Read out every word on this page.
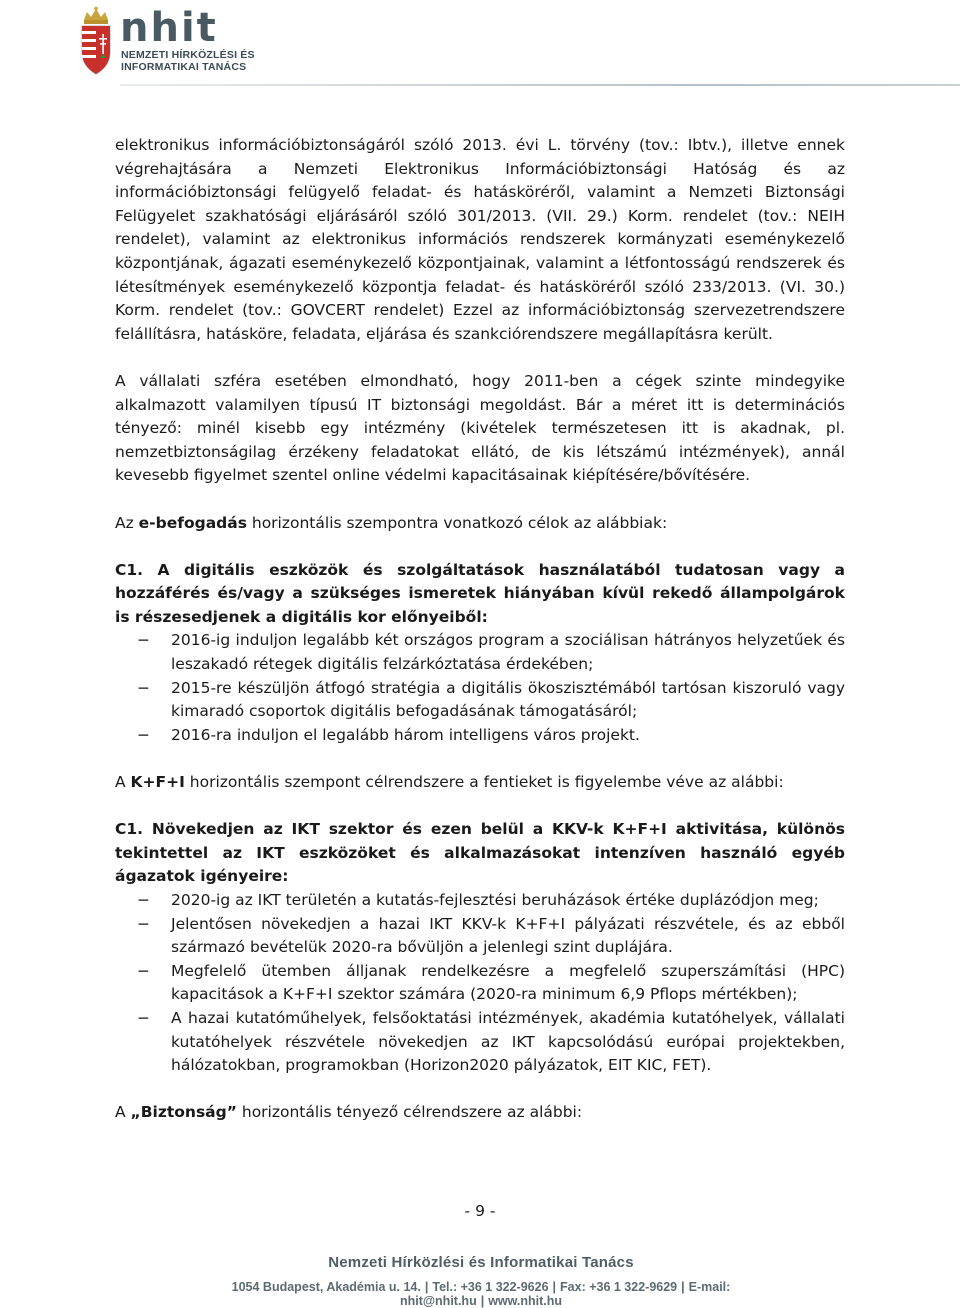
nhit
NEMZETI HÍRKÖZLÉSI ÉS
INFORMATIKAI TANÁCS

elektronikus információbiztonságáról szóló 2013. évi L. törvény (tov.: Ibtv.), illetve ennek végrehajtására a Nemzeti Elektronikus Információbiztonsági Hatóság és az információbiztonsági felügyelő feladat- és hatásköréről, valamint a Nemzeti Biztonsági Felügyelet szakhatósági eljárásáról szóló 301/2013. (VII. 29.) Korm. rendelet (tov.: NEIH rendelet), valamint az elektronikus információs rendszerek kormányzati eseménykezelő központjának, ágazati eseménykezelő központjainak, valamint a létfontosságú rendszerek és létesítmények eseménykezelő központja feladat- és hatásköréről szóló 233/2013. (VI. 30.) Korm. rendelet (tov.: GOVCERT rendelet) Ezzel az információbiztonság szervezetrendszere felállításra, hatásköre, feladata, eljárása és szankciórendszere megállapításra került.

A vállalati szféra esetében elmondható, hogy 2011-ben a cégek szinte mindegyike alkalmazott valamilyen típusú IT biztonsági megoldást. Bár a méret itt is determinációs tényező: minél kisebb egy intézmény (kivételek természetesen itt is akadnak, pl. nemzetbiztonságilag érzékeny feladatokat ellátó, de kis létszámú intézmények), annál kevesebb figyelmet szentel online védelmi kapacitásainak kiépítésére/bővítésére.

Az e-befogadás horizontális szempontra vonatkozó célok az alábbiak:

C1. A digitális eszközök és szolgáltatások használatából tudatosan vagy a hozzáférés és/vagy a szükséges ismeretek hiányában kívül rekedő állampolgárok is részesedjenek a digitális kor előnyeiből:

− 2016-ig induljon legalább két országos program a szociálisan hátrányos helyzetűek és leszakadó rétegek digitális felzárkóztatása érdekében;
− 2015-re készüljön átfogó stratégia a digitális ökoszisztémából tartósan kiszoruló vagy kimaradó csoportok digitális befogadásának támogatásáról;
− 2016-ra induljon el legalább három intelligens város projekt.

A K+F+I horizontális szempont célrendszere a fentieket is figyelembe véve az alábbi:

C1. Növekedjen az IKT szektor és ezen belül a KKV-k K+F+I aktivitása, különös tekintettel az IKT eszközöket és alkalmazásokat intenzíven használó egyéb ágazatok igényeire:

− 2020-ig az IKT területén a kutatás-fejlesztési beruházások értéke duplázódjon meg;
− Jelentősen növekedjen a hazai IKT KKV-k K+F+I pályázati részvétele, és az ebből származó bevételük 2020-ra bővüljön a jelenlegi szint duplájára.
− Megfelelő ütemben álljanak rendelkezésre a megfelelő szuperszámítási (HPC) kapacitások a K+F+I szektor számára (2020-ra minimum 6,9 Pflops mértékben);
− A hazai kutatóműhelyek, felsőoktatási intézmények, akadémia kutatóhelyek, vállalati kutatóhelyek részvétele növekedjen az IKT kapcsolódású európai projektekben, hálózatokban, programokban (Horizon2020 pályázatok, EIT KIC, FET).

A „Biztonság” horizontális tényező célrendszere az alábbi:

- 9 -
Nemzeti Hírközlési és Informatikai Tanács
1054 Budapest, Akadémia u. 14. | Tel.: +36 1 322-9626 | Fax: +36 1 322-9629 | E-mail: nhit@nhit.hu | www.nhit.hu
